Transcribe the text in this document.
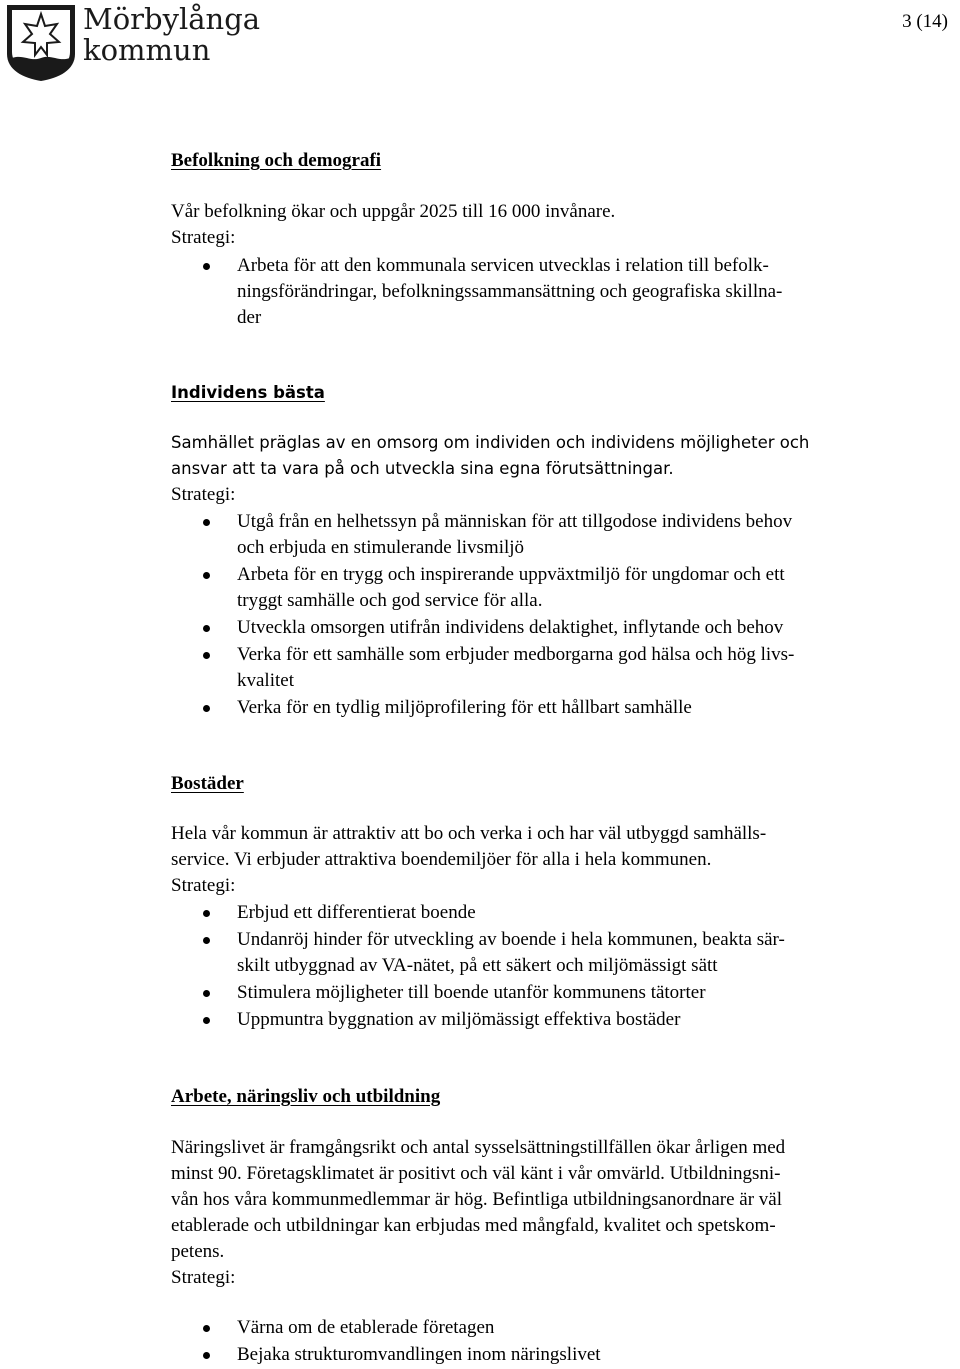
Mörbylånga
kommun
3 (14)
Befolkning och demografi
Vår befolkning ökar och uppgår 2025 till 16 000 invånare.
Strategi:
Arbeta för att den kommunala servicen utvecklas i relation till befolk-
ningsförändringar, befolkningssammansättning och geografiska skillna-
der
Individens bästa
Samhället präglas av en omsorg om individen och individens möjligheter och
ansvar att ta vara på och utveckla sina egna förutsättningar.
Strategi:
Utgå från en helhetssyn på människan för att tillgodose individens behov
och erbjuda en stimulerande livsmiljö
Arbeta för en trygg och inspirerande uppväxtmiljö för ungdomar och ett
tryggt samhälle och god service för alla.
Utveckla omsorgen utifrån individens delaktighet, inflytande och behov
Verka för ett samhälle som erbjuder medborgarna god hälsa och hög livs-
kvalitet
Verka för en tydlig miljöprofilering för ett hållbart samhälle
Bostäder
Hela vår kommun är attraktiv att bo och verka i och har väl utbyggd samhälls-
service. Vi erbjuder attraktiva boendemiljöer för alla i hela kommunen.
Strategi:
Erbjud ett differentierat boende
Undanröj hinder för utveckling av boende i hela kommunen, beakta sär-
skilt utbyggnad av VA-nätet, på ett säkert och miljömässigt sätt
Stimulera möjligheter till boende utanför kommunens tätorter
Uppmuntra byggnation av miljömässigt effektiva bostäder
Arbete, näringsliv och utbildning
Näringslivet är framgångsrikt och antal sysselsättningstillfällen ökar årligen med
minst 90. Företagsklimatet är positivt och väl känt i vår omvärld. Utbildningsni-
vån hos våra kommunmedlemmar är hög. Befintliga utbildningsanordnare är väl
etablerade och utbildningar kan erbjudas med mångfald, kvalitet och spetskom-
petens.
Strategi:
Värna om de etablerade företagen
Bejaka strukturomvandlingen inom näringslivet
